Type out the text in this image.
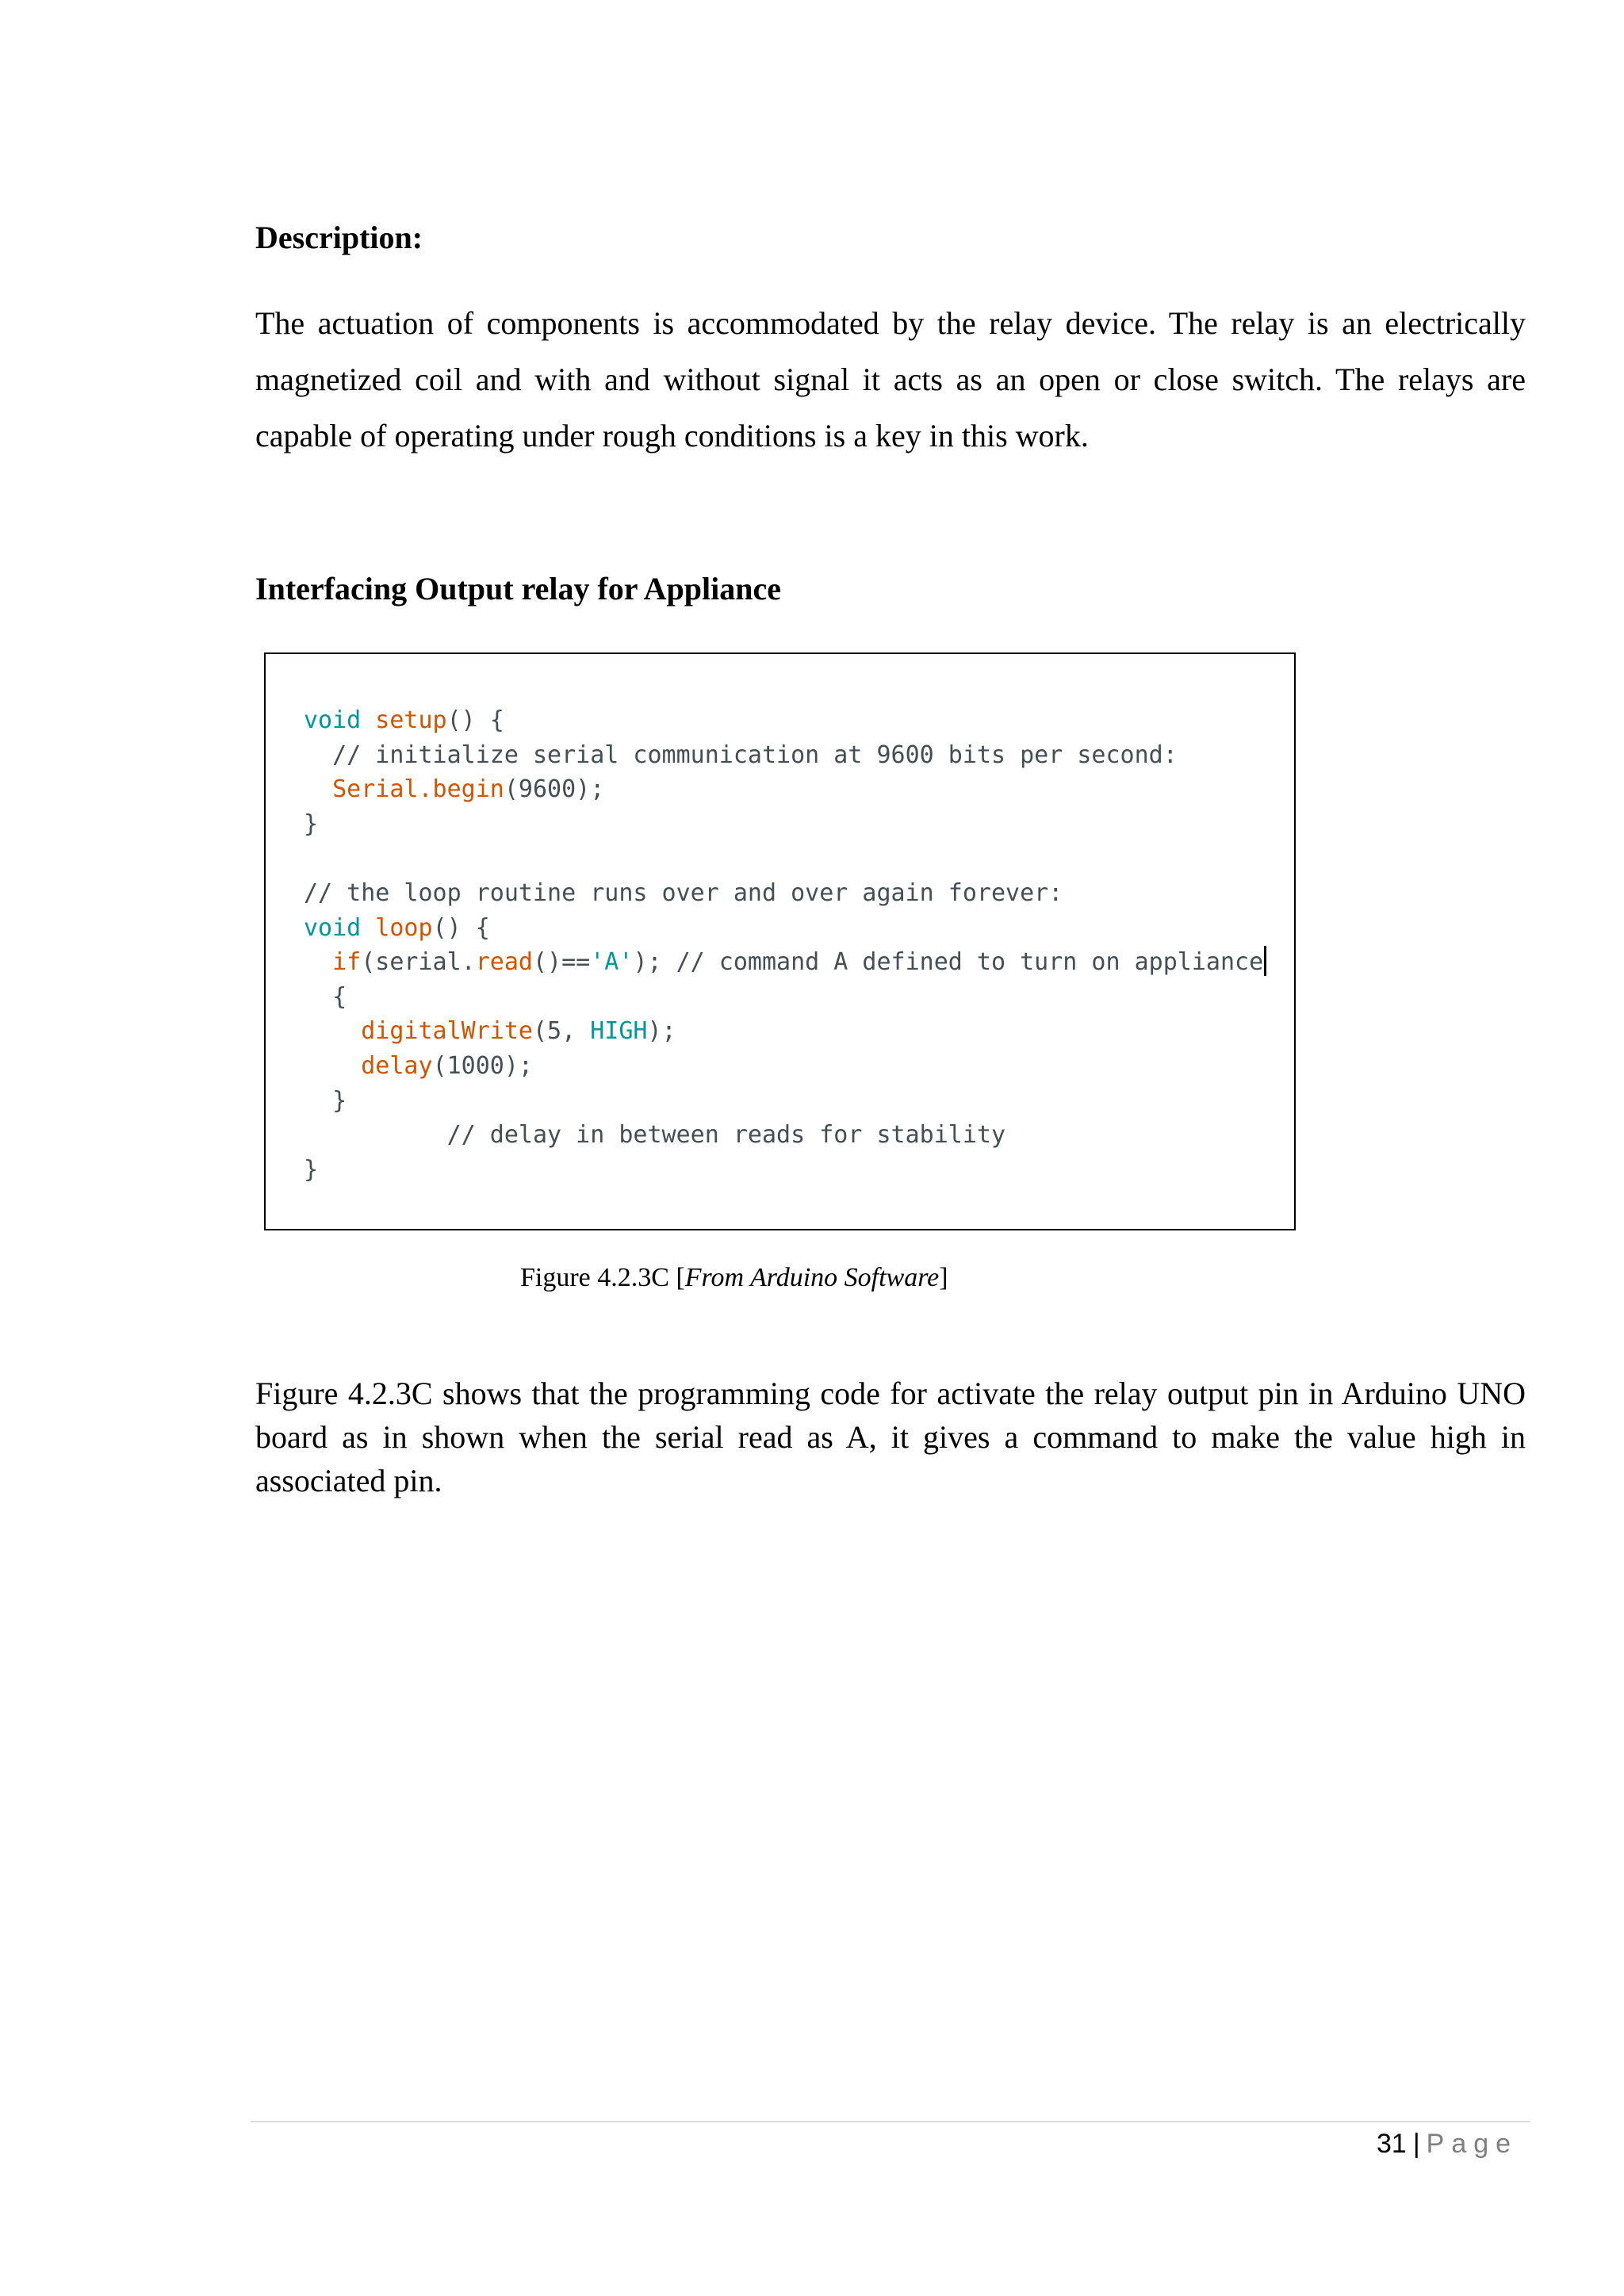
Description:

The actuation of components is accommodated by the relay device. The relay is an electrically magnetized coil and with and without signal it acts as an open or close switch. The relays are capable of operating under rough conditions is a key in this work.

Interfacing Output relay for Appliance
void setup() {
// initialize serial communication at 9600 bits per second:
Serial.begin(9600);
}
// the loop routine runs over and over again forever:
void loop() {
if(serial.read()=='A'); // command A defined to turn on appliance
{
digitalWrite(5, HIGH);
delay(1000);
}
// delay in between reads for stability
}

Figure 4.2.3C [From Arduino Software]

Figure 4.2.3C shows that the programming code for activate the relay output pin in Arduino UNO board as in shown when the serial read as A, it gives a command to make the value high in associated pin.

31 | Page
